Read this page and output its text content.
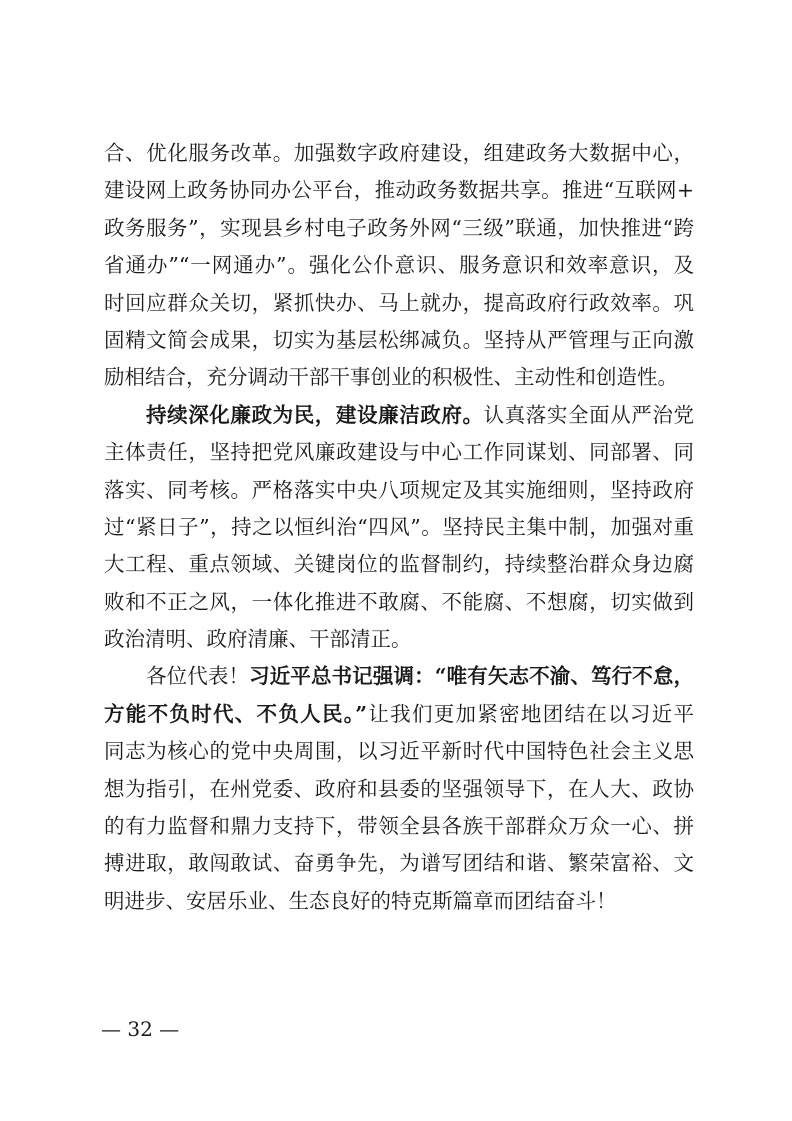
合、优化服务改革。加强数字政府建设，组建政务大数据中心，
建设网上政务协同办公平台，推动政务数据共享。推进“互联网+
政务服务”，实现县乡村电子政务外网“三级”联通，加快推进“跨
省通办”“一网通办”。强化公仆意识、服务意识和效率意识，及
时回应群众关切，紧抓快办、马上就办，提高政府行政效率。巩
固精文简会成果，切实为基层松绑减负。坚持从严管理与正向激
励相结合，充分调动干部干事创业的积极性、主动性和创造性。
持续深化廉政为民，建设廉洁政府。认真落实全面从严治党
主体责任，坚持把党风廉政建设与中心工作同谋划、同部署、同
落实、同考核。严格落实中央八项规定及其实施细则，坚持政府
过“紧日子”，持之以恒纠治“四风”。坚持民主集中制，加强对重
大工程、重点领域、关键岗位的监督制约，持续整治群众身边腐
败和不正之风，一体化推进不敢腐、不能腐、不想腐，切实做到
政治清明、政府清廉、干部清正。
各位代表！习近平总书记强调：“唯有矢志不渝、笃行不怠，
方能不负时代、不负人民。”让我们更加紧密地团结在以习近平
同志为核心的党中央周围，以习近平新时代中国特色社会主义思
想为指引，在州党委、政府和县委的坚强领导下，在人大、政协
的有力监督和鼎力支持下，带领全县各族干部群众万众一心、拼
搏进取，敢闯敢试、奋勇争先，为谱写团结和谐、繁荣富裕、文
明进步、安居乐业、生态良好的特克斯篇章而团结奋斗！
— 32 —
